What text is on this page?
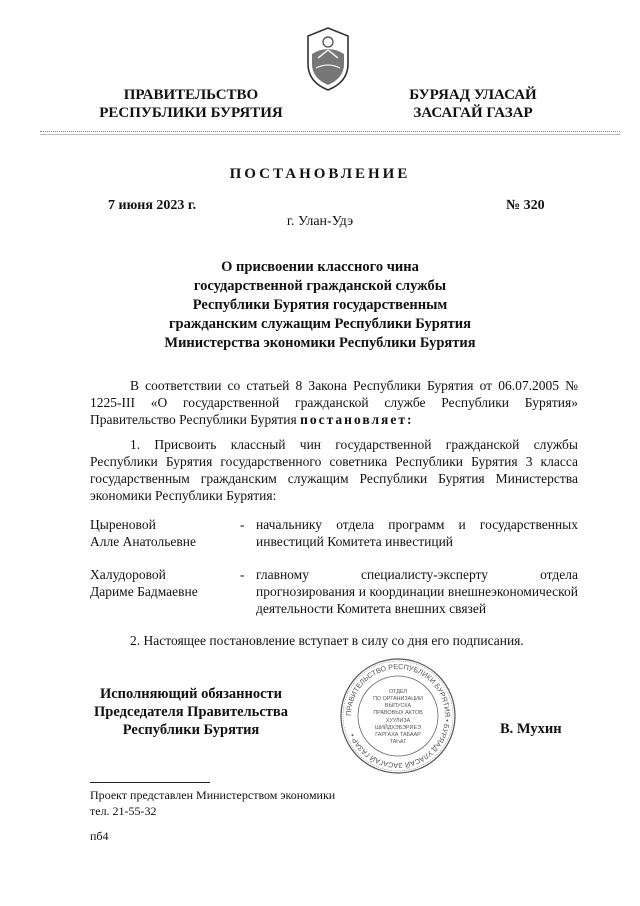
ПРАВИТЕЛЬСТВО
РЕСПУБЛИКИ БУРЯТИЯ
БУРЯАД УЛАСАЙ
ЗАСАГАЙ ГАЗАР
ПОСТАНОВЛЕНИЕ
7 июня 2023 г.	№ 320
г. Улан-Удэ
О присвоении классного чина
государственной гражданской службы
Республики Бурятия государственным
гражданским служащим Республики Бурятия
Министерства экономики Республики Бурятия
В соответствии со статьей 8 Закона Республики Бурятия от 06.07.2005 № 1225-III «О государственной гражданской службе Республики Бурятия» Правительство Республики Бурятия постановляет:
1. Присвоить классный чин государственной гражданской службы Республики Бурятия государственного советника Республики Бурятия 3 класса государственным гражданским служащим Республики Бурятия Министерства экономики Республики Бурятия:
Цыреновой
Алле Анатольевне
- начальнику отдела программ и государственных инвестиций Комитета инвестиций
Халудоровой
Дариме Бадмаевне
- главному специалисту-эксперту отдела прогнозирования и координации внешнеэкономической деятельности Комитета внешних связей
2. Настоящее постановление вступает в силу со дня его подписания.
Исполняющий обязанности
Председателя Правительства
Республики Бурятия	В. Мухин
ПРАВИТЕЛЬСТВО РЕСПУБЛИКИ БУРЯТИЯ • БУРЯАД УЛАСАЙ ЗАСАГАЙ ГАЗАР •
ОТДЕЛ
ПО ОРГАНИЗАЦИИ
ВЫПУСКА
ПРАВОВЫХ АКТОВ
ХУУЛИЗА
ШИЙДХЭБЭРИЕЭ
ГАРГАХА ТАБААР
ТАҺАГ
Проект представлен Министерством экономики
тел. 21-55-32
пб4
